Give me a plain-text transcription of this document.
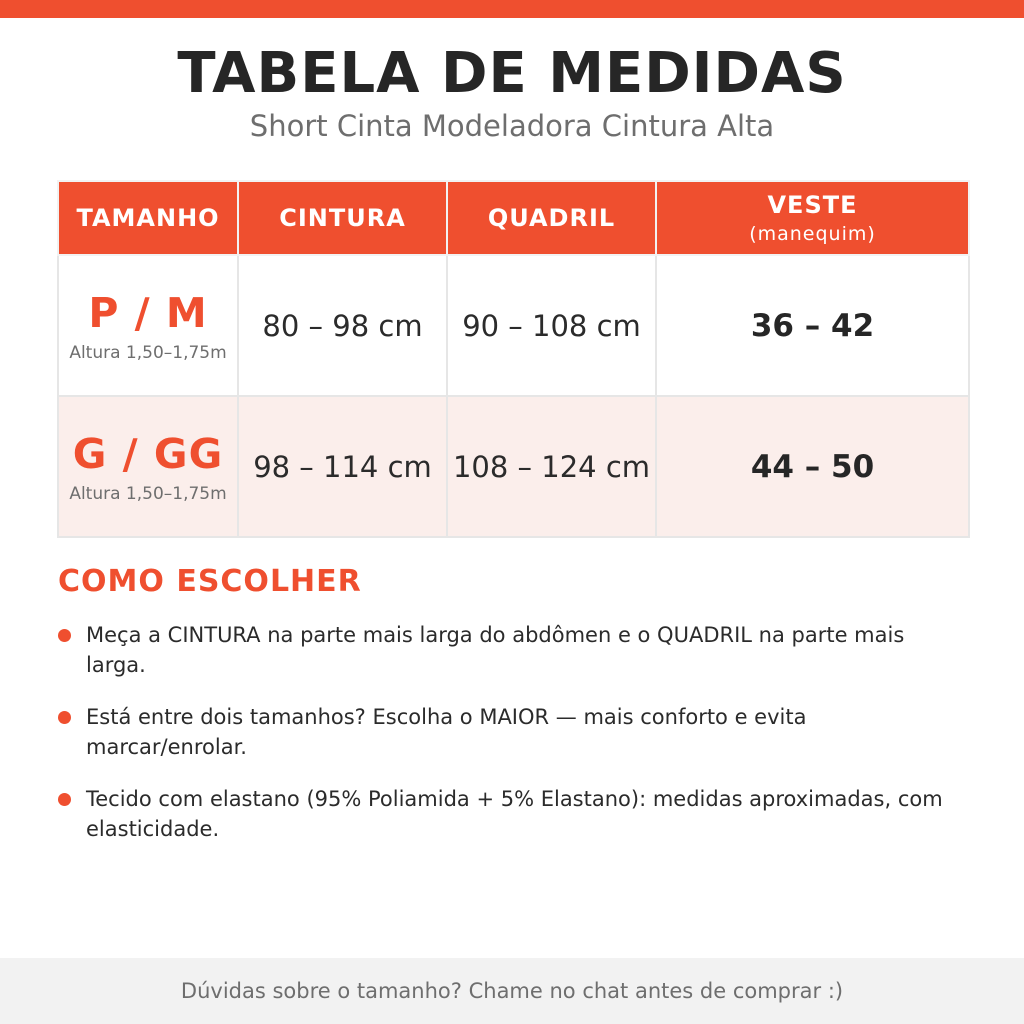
TABELA DE MEDIDAS
Short Cinta Modeladora Cintura Alta
TAMANHO	CINTURA	QUADRIL	VESTE
(manequim)

P / M
Altura 1,50–1,75m	80 – 98 cm	90 – 108 cm	36 – 42

G / GG
Altura 1,50–1,75m	98 – 114 cm	108 – 124 cm	44 – 50
COMO ESCOLHER
Meça a CINTURA na parte mais larga do abdômen e o QUADRIL na parte mais larga.
Está entre dois tamanhos? Escolha o MAIOR — mais conforto e evita marcar/enrolar.
Tecido com elastano (95% Poliamida + 5% Elastano): medidas aproximadas, com elasticidade.
Dúvidas sobre o tamanho? Chame no chat antes de comprar :)
